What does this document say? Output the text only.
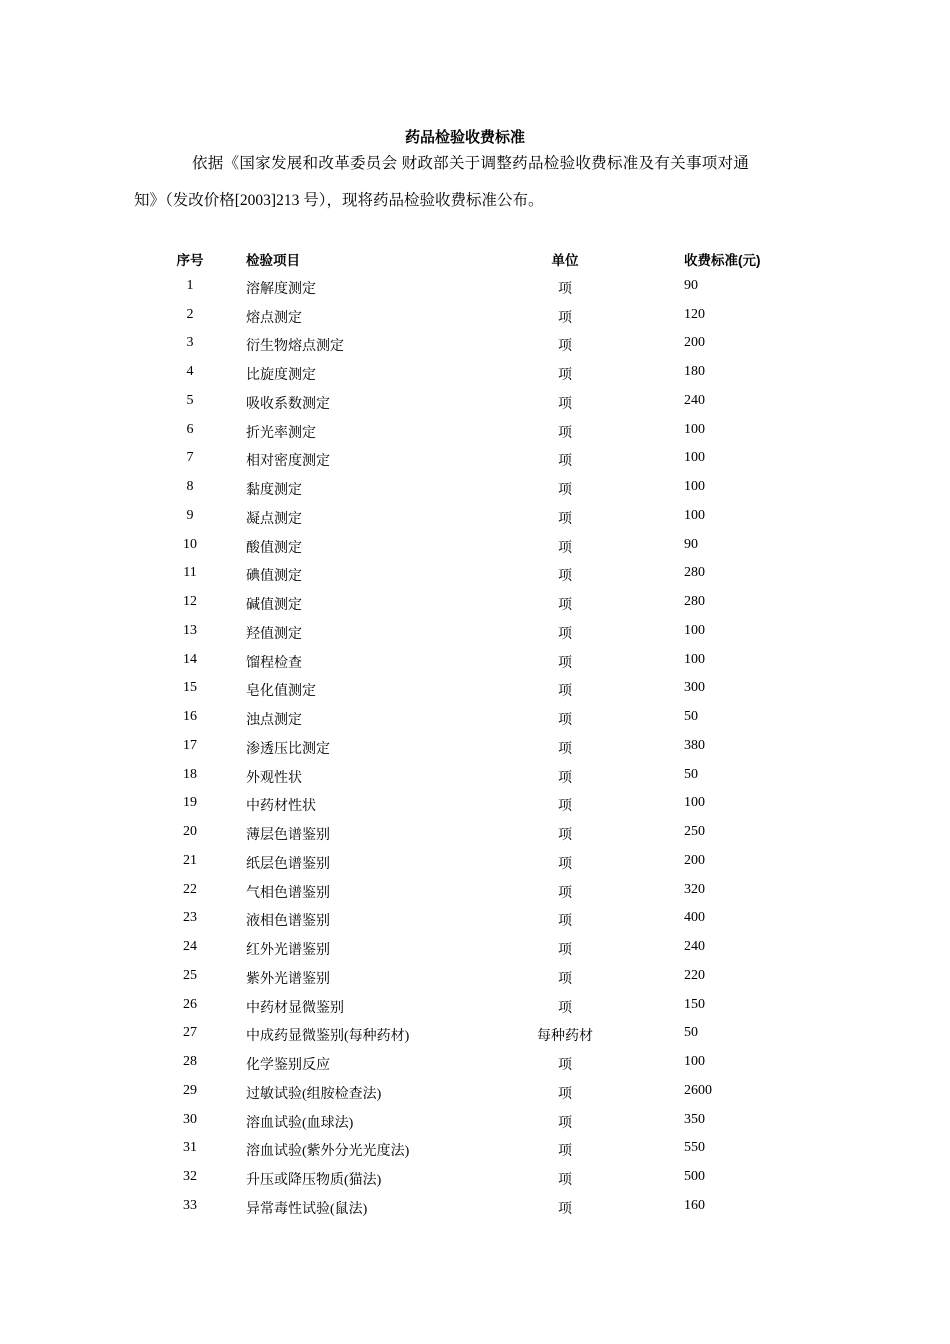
药品检验收费标准
依据《国家发展和改革委员会 财政部关于调整药品检验收费标准及有关事项对通
知》（发改价格[2003]213 号），现将药品检验收费标准公布。
序号	检验项目	单位	收费标准(元)
1	溶解度测定	项	90
2	熔点测定	项	120
3	衍生物熔点测定	项	200
4	比旋度测定	项	180
5	吸收系数测定	项	240
6	折光率测定	项	100
7	相对密度测定	项	100
8	黏度测定	项	100
9	凝点测定	项	100
10	酸值测定	项	90
11	碘值测定	项	280
12	碱值测定	项	280
13	羟值测定	项	100
14	馏程检查	项	100
15	皂化值测定	项	300
16	浊点测定	项	50
17	渗透压比测定	项	380
18	外观性状	项	50
19	中药材性状	项	100
20	薄层色谱鉴别	项	250
21	纸层色谱鉴别	项	200
22	气相色谱鉴别	项	320
23	液相色谱鉴别	项	400
24	红外光谱鉴别	项	240
25	紫外光谱鉴别	项	220
26	中药材显微鉴别	项	150
27	中成药显微鉴别(每种药材)	每种药材	50
28	化学鉴别反应	项	100
29	过敏试验(组胺检查法)	项	2600
30	溶血试验(血球法)	项	350
31	溶血试验(紫外分光光度法)	项	550
32	升压或降压物质(猫法)	项	500
33	异常毒性试验(鼠法)	项	160
